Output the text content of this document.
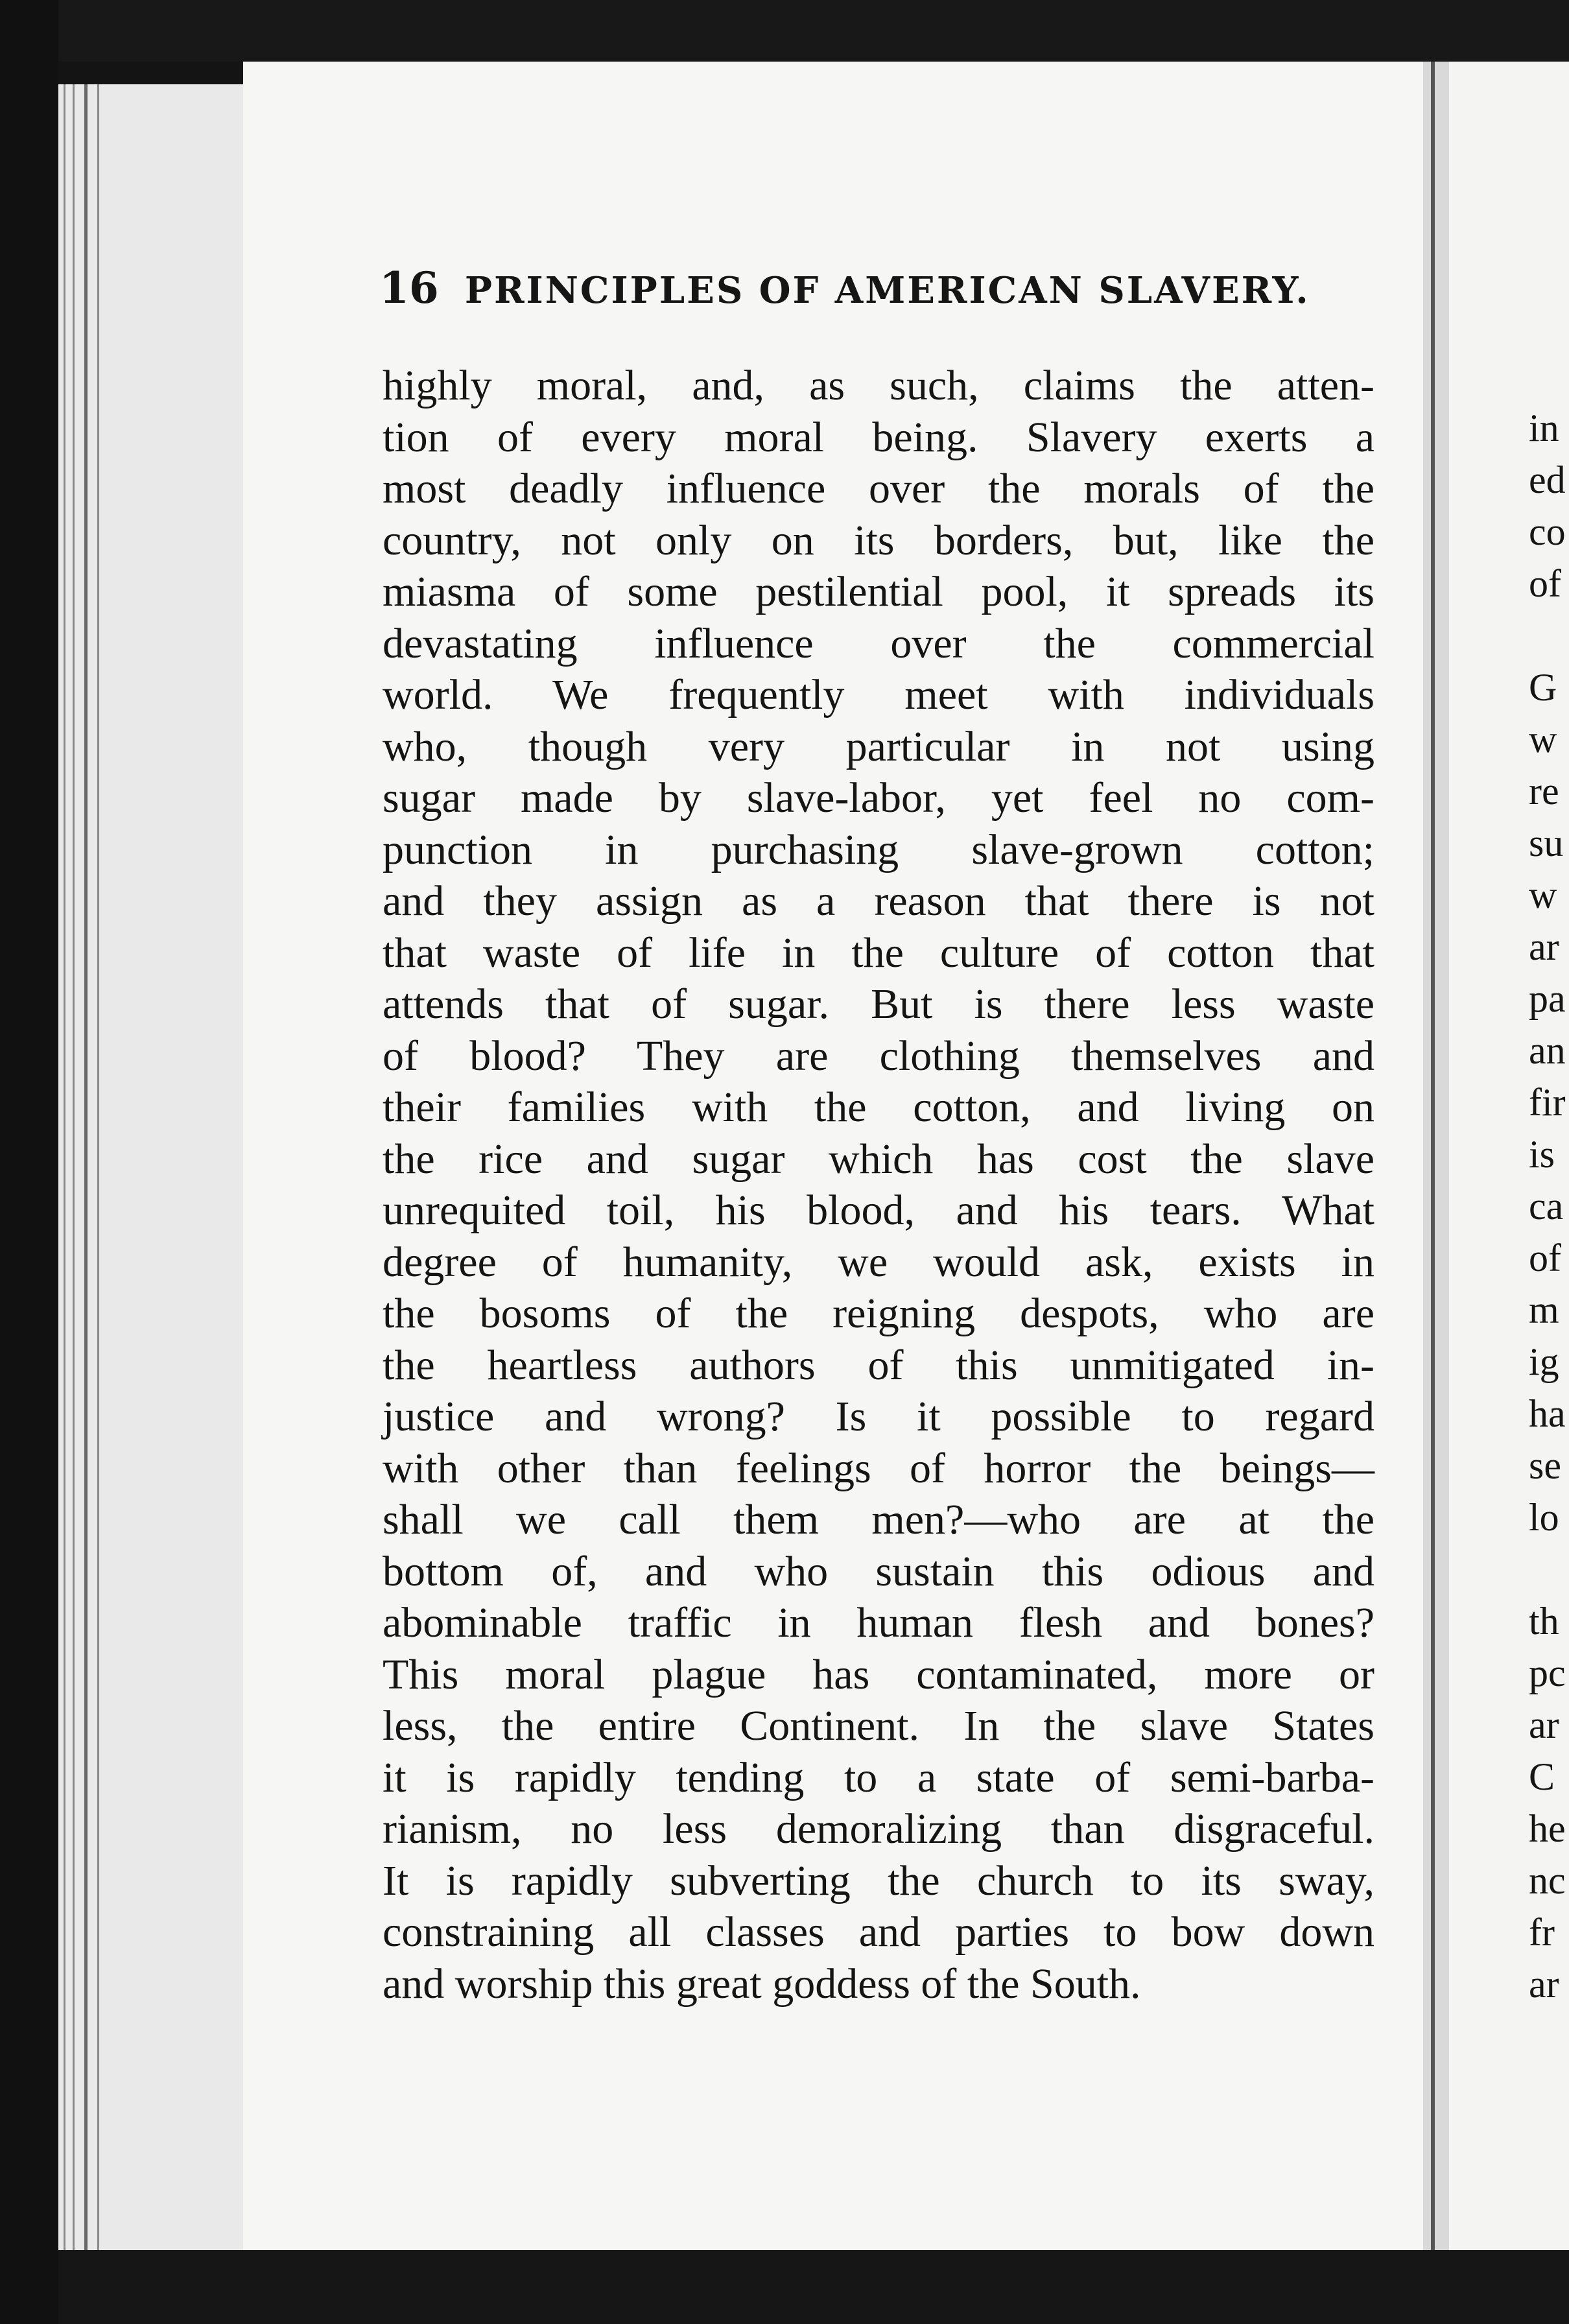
16 PRINCIPLES OF AMERICAN SLAVERY.
highly moral, and, as such, claims the atten-
tion of every moral being. Slavery exerts a
most deadly influence over the morals of the
country, not only on its borders, but, like the
miasma of some pestilential pool, it spreads its
devastating influence over the commercial
world. We frequently meet with individuals
who, though very particular in not using
sugar made by slave-labor, yet feel no com-
punction in purchasing slave-grown cotton;
and they assign as a reason that there is not
that waste of life in the culture of cotton that
attends that of sugar. But is there less waste
of blood? They are clothing themselves and
their families with the cotton, and living on
the rice and sugar which has cost the slave
unrequited toil, his blood, and his tears. What
degree of humanity, we would ask, exists in
the bosoms of the reigning despots, who are
the heartless authors of this unmitigated in-
justice and wrong? Is it possible to regard
with other than feelings of horror the beings—
shall we call them men?—who are at the
bottom of, and who sustain this odious and
abominable traffic in human flesh and bones?
This moral plague has contaminated, more or
less, the entire Continent. In the slave States
it is rapidly tending to a state of semi-barba-
rianism, no less demoralizing than disgraceful.
It is rapidly subverting the church to its sway,
constraining all classes and parties to bow down
and worship this great goddess of the South.
in
ed
co
of
G
w
re
su
w
ar
pa
an
fir
is
ca
of
m
ig
ha
se
lo
th
pc
ar
C
he
nc
fr
ar
